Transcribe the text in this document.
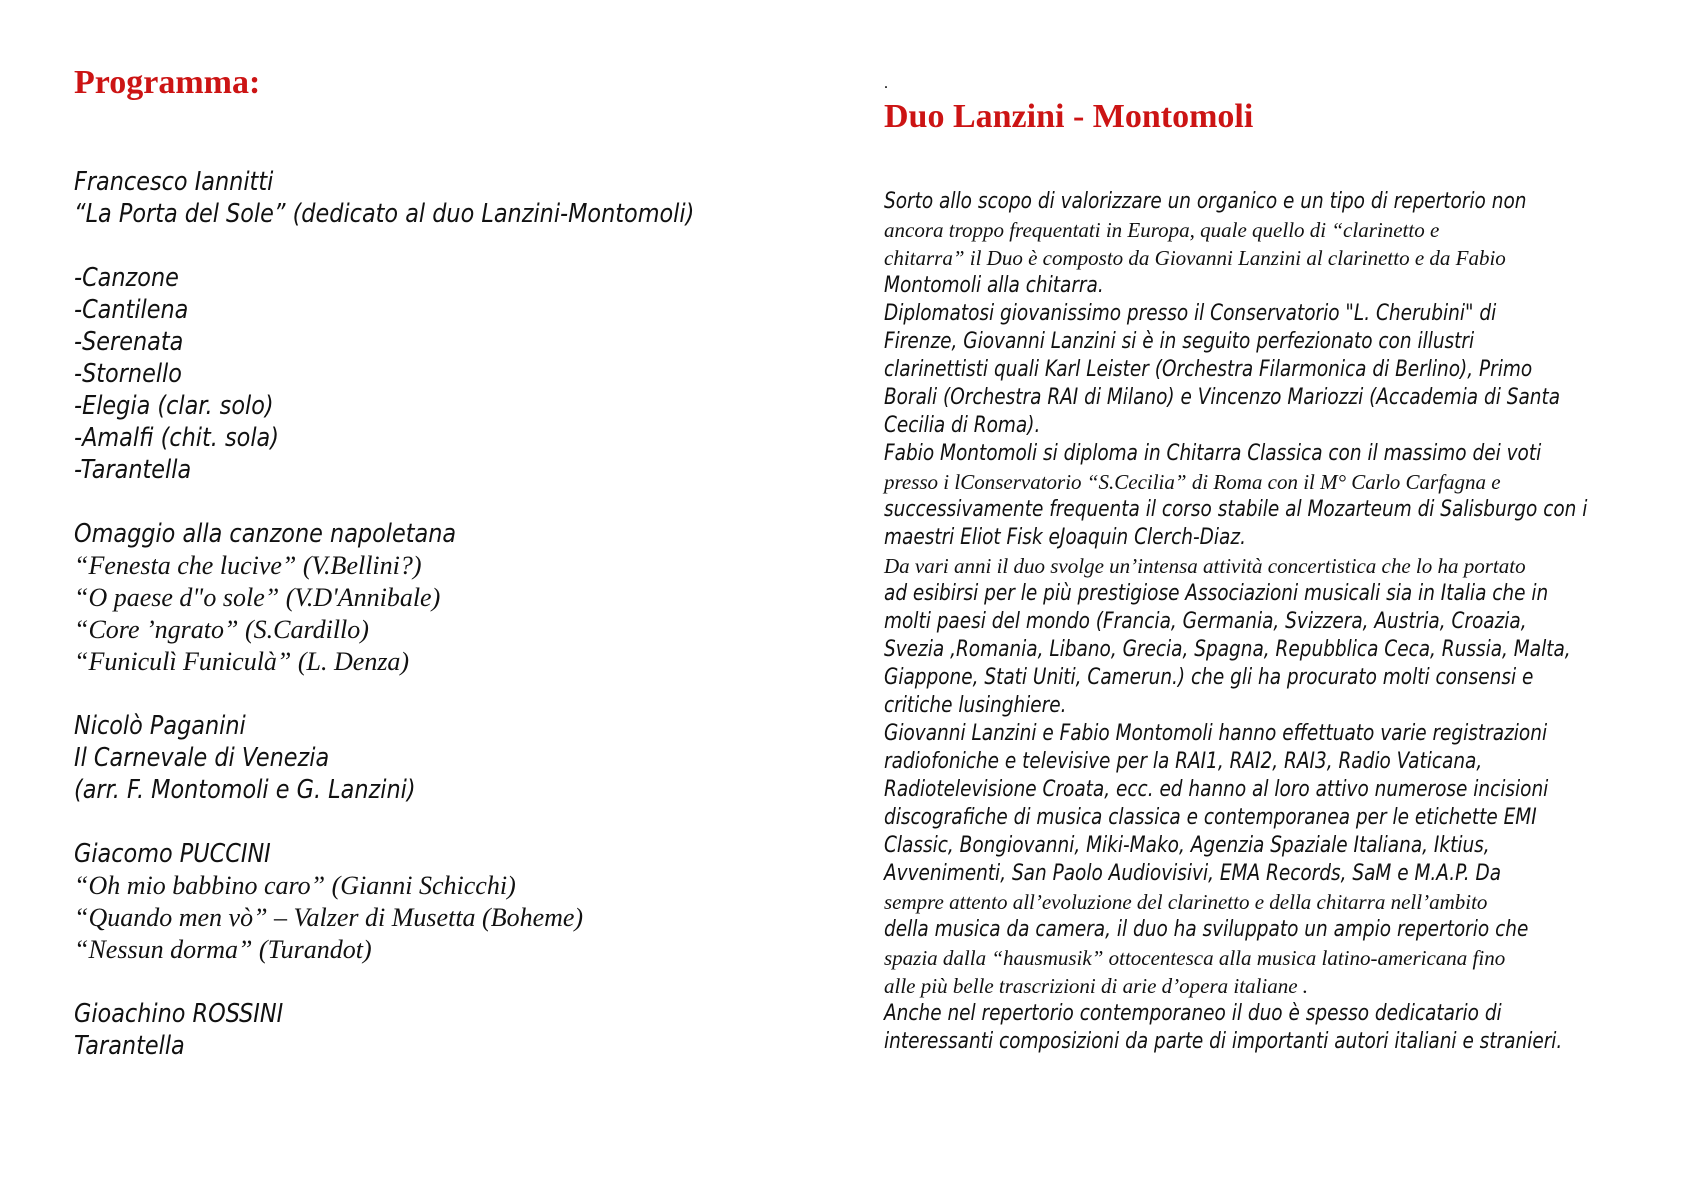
Programma:
Francesco Iannitti
“La Porta del Sole” (dedicato al duo Lanzini-Montomoli)
-Canzone
-Cantilena
-Serenata
-Stornello
-Elegia (clar. solo)
-Amalfi (chit. sola)
-Tarantella
Omaggio alla canzone napoletana
“Fenesta che lucive” (V.Bellini?)
“O paese d"o sole” (V.D'Annibale)
“Core ’ngrato” (S.Cardillo)
“Funiculì Funiculà” (L. Denza)
Nicolò Paganini
Il Carnevale di Venezia
(arr. F. Montomoli e G. Lanzini)
Giacomo PUCCINI
“Oh mio babbino caro” (Gianni Schicchi)
“Quando men vò” – Valzer di Musetta (Boheme)
“Nessun dorma” (Turandot)
Gioachino ROSSINI
Tarantella
.
Duo Lanzini - Montomoli
Sorto allo scopo di valorizzare un organico e un tipo di repertorio non
ancora troppo frequentati in Europa, quale quello di “clarinetto e
chitarra” il Duo è composto da Giovanni Lanzini al clarinetto e da Fabio
Montomoli alla chitarra.
Diplomatosi giovanissimo presso il Conservatorio "L. Cherubini" di
Firenze, Giovanni Lanzini si è in seguito perfezionato con illustri
clarinettisti quali Karl Leister (Orchestra Filarmonica di Berlino), Primo
Borali (Orchestra RAI di Milano) e Vincenzo Mariozzi (Accademia di Santa
Cecilia di Roma).
Fabio Montomoli si diploma in Chitarra Classica con il massimo dei voti
presso i lConservatorio “S.Cecilia” di Roma con il M° Carlo Carfagna e
successivamente frequenta il corso stabile al Mozarteum di Salisburgo con i
maestri Eliot Fisk eJoaquin Clerch-Diaz.
Da vari anni il duo svolge un’intensa attività concertistica che lo ha portato
ad esibirsi per le più prestigiose Associazioni musicali sia in Italia che in
molti paesi del mondo (Francia, Germania, Svizzera, Austria, Croazia,
Svezia ,Romania, Libano, Grecia, Spagna, Repubblica Ceca, Russia, Malta,
Giappone, Stati Uniti, Camerun.) che gli ha procurato molti consensi e
critiche lusinghiere.
Giovanni Lanzini e Fabio Montomoli hanno effettuato varie registrazioni
radiofoniche e televisive per la RAI1, RAI2, RAI3, Radio Vaticana,
Radiotelevisione Croata, ecc. ed hanno al loro attivo numerose incisioni
discografiche di musica classica e contemporanea per le etichette EMI
Classic, Bongiovanni, Miki-Mako, Agenzia Spaziale Italiana, Iktius,
Avvenimenti, San Paolo Audiovisivi, EMA Records, SaM e M.A.P. Da
sempre attento all’evoluzione del clarinetto e della chitarra nell’ambito
della musica da camera, il duo ha sviluppato un ampio repertorio che
spazia dalla “hausmusik” ottocentesca alla musica latino-americana fino
alle più belle trascrizioni di arie d’opera italiane .
Anche nel repertorio contemporaneo il duo è spesso dedicatario di
interessanti composizioni da parte di importanti autori italiani e stranieri.
